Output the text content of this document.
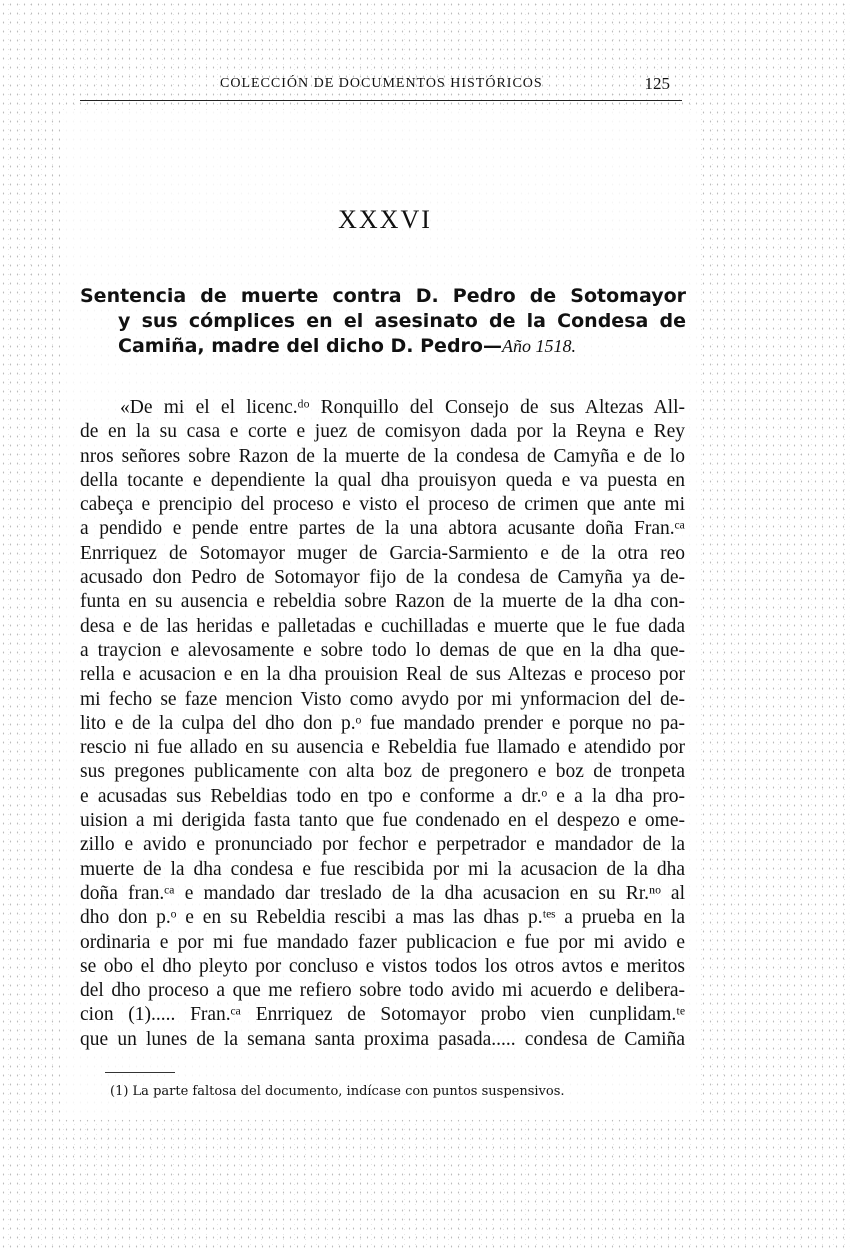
COLECCIÓN DE DOCUMENTOS HISTÓRICOS	125
XXXVI
Sentencia de muerte contra D. Pedro de Sotomayor
y sus cómplices en el asesinato de la Condesa de
Camiña, madre del dicho D. Pedro—Año 1518.
«De mi el el licenc.ᵈᵒ Ronquillo del Consejo de sus Altezas All-
de en la su casa e corte e juez de comisyon dada por la Reyna e Rey
nros señores sobre Razon de la muerte de la condesa de Camyña e de lo
della tocante e dependiente la qual dha prouisyon queda e va puesta en
cabeça e prencipio del proceso e visto el proceso de crimen que ante mi
a pendido e pende entre partes de la una abtora acusante doña Fran.ᶜᵃ
Enrriquez de Sotomayor muger de Garcia-Sarmiento e de la otra reo
acusado don Pedro de Sotomayor fijo de la condesa de Camyña ya de-
funta en su ausencia e rebeldia sobre Razon de la muerte de la dha con-
desa e de las heridas e palletadas e cuchilladas e muerte que le fue dada
a traycion e alevosamente e sobre todo lo demas de que en la dha que-
rella e acusacion e en la dha prouision Real de sus Altezas e proceso por
mi fecho se faze mencion Visto como avydo por mi ynformacion del de-
lito e de la culpa del dho don p.ᵒ fue mandado prender e porque no pa-
rescio ni fue allado en su ausencia e Rebeldia fue llamado e atendido por
sus pregones publicamente con alta boz de pregonero e boz de tronpeta
e acusadas sus Rebeldias todo en tpo e conforme a dr.ᵒ e a la dha pro-
uision a mi derigida fasta tanto que fue condenado en el despezo e ome-
zillo e avido e pronunciado por fechor e perpetrador e mandador de la
muerte de la dha condesa e fue rescibida por mi la acusacion de la dha
doña fran.ᶜᵃ e mandado dar treslado de la dha acusacion en su Rr.ⁿᵒ al
dho don p.ᵒ e en su Rebeldia rescibi a mas las dhas p.ᵗᵉˢ a prueba en la
ordinaria e por mi fue mandado fazer publicacion e fue por mi avido e
se obo el dho pleyto por concluso e vistos todos los otros avtos e meritos
del dho proceso a que me refiero sobre todo avido mi acuerdo e delibera-
cion (1)..... Fran.ᶜᵃ Enrriquez de Sotomayor probo vien cunplidam.ᵗᵉ
que un lunes de la semana santa proxima pasada..... condesa de Camiña
(1) La parte faltosa del documento, indícase con puntos suspensivos.
